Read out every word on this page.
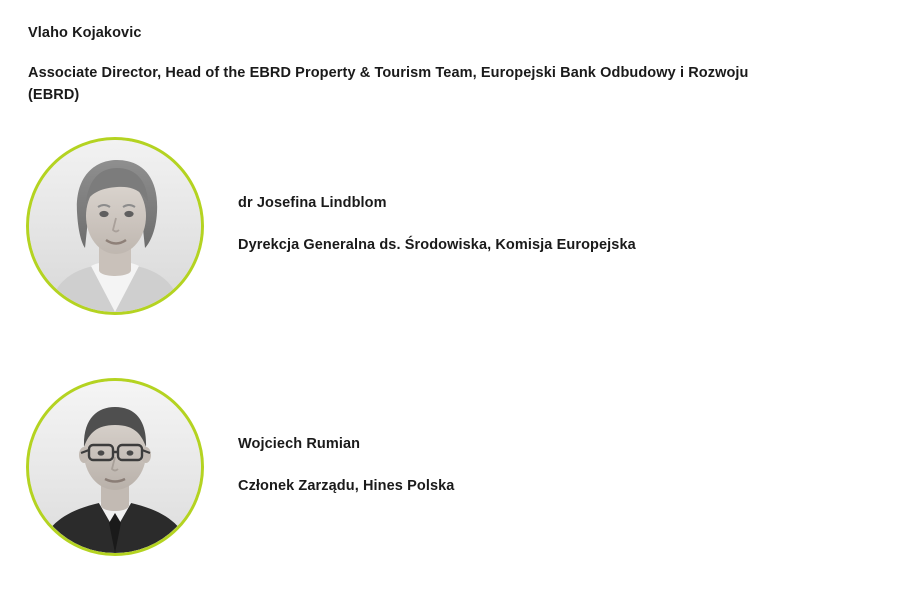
Vlaho Kojakovic

Associate Director, Head of the EBRD Property & Tourism Team, Europejski Bank Odbudowy i Rozwoju (EBRD)

dr Josefina Lindblom

Dyrekcja Generalna ds. Środowiska, Komisja Europejska

Wojciech Rumian

Członek Zarządu, Hines Polska
